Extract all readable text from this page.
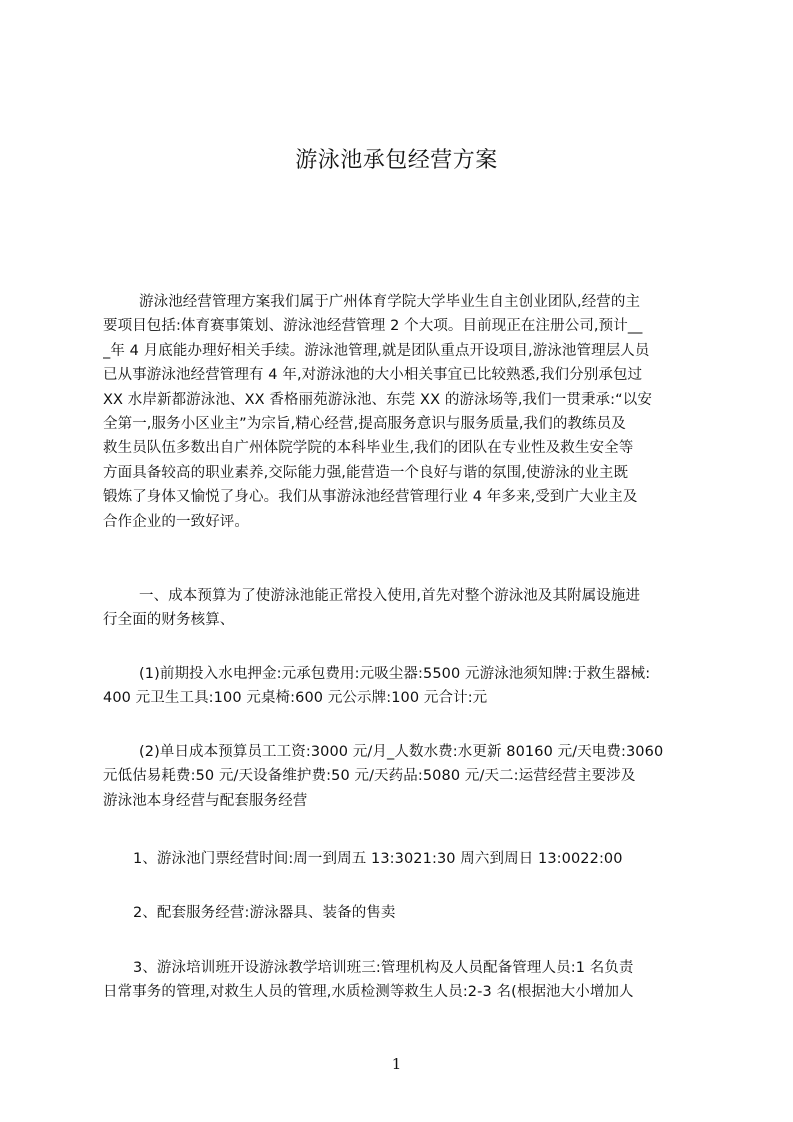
游泳池承包经营方案
游泳池经营管理方案我们属于广州体育学院大学毕业生自主创业团队,经营的主
要项目包括:体育赛事策划、游泳池经营管理 2 个大项。目前现正在注册公司,预计__
_年 4 月底能办理好相关手续。游泳池管理,就是团队重点开设项目,游泳池管理层人员
已从事游泳池经营管理有 4 年,对游泳池的大小相关事宜已比较熟悉,我们分别承包过
XX 水岸新都游泳池、XX 香格丽苑游泳池、东莞 XX 的游泳场等,我们一贯秉承:“以安
全第一,服务小区业主”为宗旨,精心经营,提高服务意识与服务质量,我们的教练员及
救生员队伍多数出自广州体院学院的本科毕业生,我们的团队在专业性及救生安全等
方面具备较高的职业素养,交际能力强,能营造一个良好与谐的氛围,使游泳的业主既
锻炼了身体又愉悦了身心。我们从事游泳池经营管理行业 4 年多来,受到广大业主及
合作企业的一致好评。
一、成本预算为了使游泳池能正常投入使用,首先对整个游泳池及其附属设施进
行全面的财务核算、
(1)前期投入水电押金:元承包费用:元吸尘器:5500 元游泳池须知牌:于救生器械:
400 元卫生工具:100 元桌椅:600 元公示牌:100 元合计:元
(2)单日成本预算员工工资:3000 元/月_人数水费:水更新 80160 元/天电费:3060
元低估易耗费:50 元/天设备维护费:50 元/天药品:5080 元/天二:运营经营主要涉及
游泳池本身经营与配套服务经营
1、游泳池门票经营时间:周一到周五 13:3021:30 周六到周日 13:0022:00
2、配套服务经营:游泳器具、装备的售卖
3、游泳培训班开设游泳教学培训班三:管理机构及人员配备管理人员:1 名负责
日常事务的管理,对救生人员的管理,水质检测等救生人员:2-3 名(根据池大小增加人
1
